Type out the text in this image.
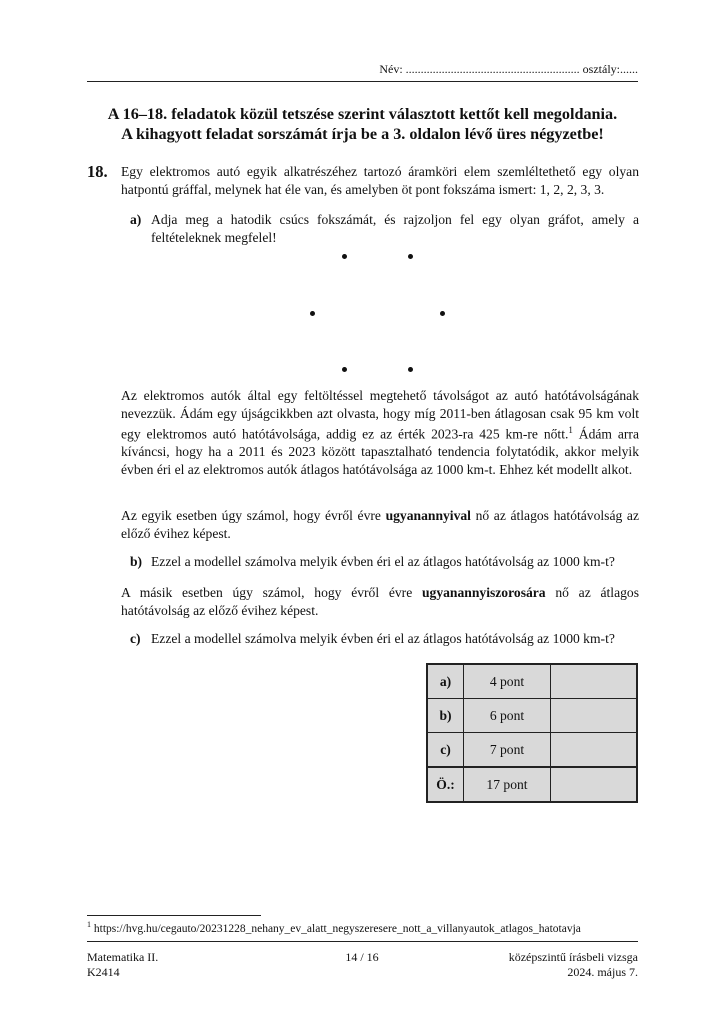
Név: .......................................................... osztály:......
A 16–18. feladatok közül tetszése szerint választott kettőt kell megoldania.
A kihagyott feladat sorszámát írja be a 3. oldalon lévő üres négyzetbe!
18. Egy elektromos autó egyik alkatrészéhez tartozó áramköri elem szemléltethető egy olyan hatpontú gráffal, melynek hat éle van, és amelyben öt pont fokszáma ismert: 1, 2, 2, 3, 3.
a) Adja meg a hatodik csúcs fokszámát, és rajzoljon fel egy olyan gráfot, amely a feltételeknek megfelel!
Az elektromos autók által egy feltöltéssel megtehető távolságot az autó hatótávolságának nevezzük. Ádám egy újságcikkben azt olvasta, hogy míg 2011-ben átlagosan csak 95 km volt egy elektromos autó hatótávolsága, addig ez az érték 2023-ra 425 km-re nőtt.$^1$ Ádám arra kíváncsi, hogy ha a 2011 és 2023 között tapasztalható tendencia folytatódik, akkor melyik évben éri el az elektromos autók átlagos hatótávolsága az 1000 km-t. Ehhez két modellt alkot.
Az egyik esetben úgy számol, hogy évről évre ugyanannyival nő az átlagos hatótávolság az előző évihez képest.
b) Ezzel a modellel számolva melyik évben éri el az átlagos hatótávolság az 1000 km-t?
A másik esetben úgy számol, hogy évről évre ugyanannyiszorosára nő az átlagos hatótávolság az előző évihez képest.
c) Ezzel a modellel számolva melyik évben éri el az átlagos hatótávolság az 1000 km-t?
a)	4 pont	
b)	6 pont	
c)	7 pont	
Ö.:	17 pont	
$^1$ https://hvg.hu/cegauto/20231228_nehany_ev_alatt_negyszeresere_nott_a_villanyautok_atlagos_hatotavja
Matematika II.
K2414
14 / 16	középszintű írásbeli vizsga
2024. május 7.
